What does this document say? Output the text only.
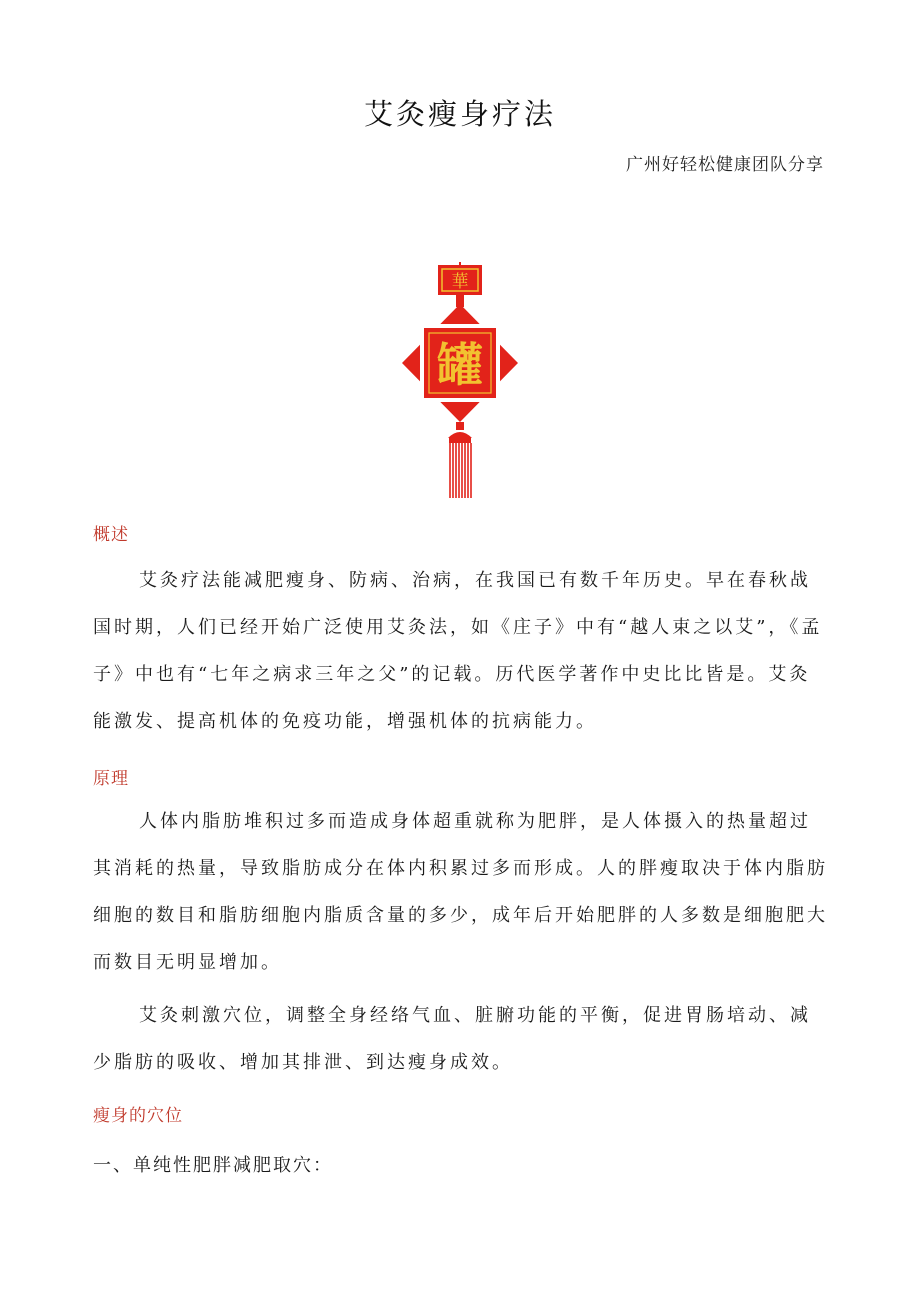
艾灸瘦身疗法
广州好轻松健康团队分享
華
罐
概述

艾灸疗法能减肥瘦身、防病、治病，在我国已有数千年历史。早在春秋战国时期，人们已经开始广泛使用艾灸法，如《庄子》中有“越人束之以艾”，《孟子》中也有“七年之病求三年之父”的记载。历代医学著作中史比比皆是。艾灸能激发、提高机体的免疫功能，增强机体的抗病能力。

原理

人体内脂肪堆积过多而造成身体超重就称为肥胖，是人体摄入的热量超过其消耗的热量，导致脂肪成分在体内积累过多而形成。人的胖瘦取决于体内脂肪细胞的数目和脂肪细胞内脂质含量的多少，成年后开始肥胖的人多数是细胞肥大而数目无明显增加。

艾灸刺激穴位，调整全身经络气血、脏腑功能的平衡，促进胃肠培动、减少脂肪的吸收、增加其排泄、到达瘦身成效。

瘦身的穴位
一、单纯性肥胖减肥取穴：
